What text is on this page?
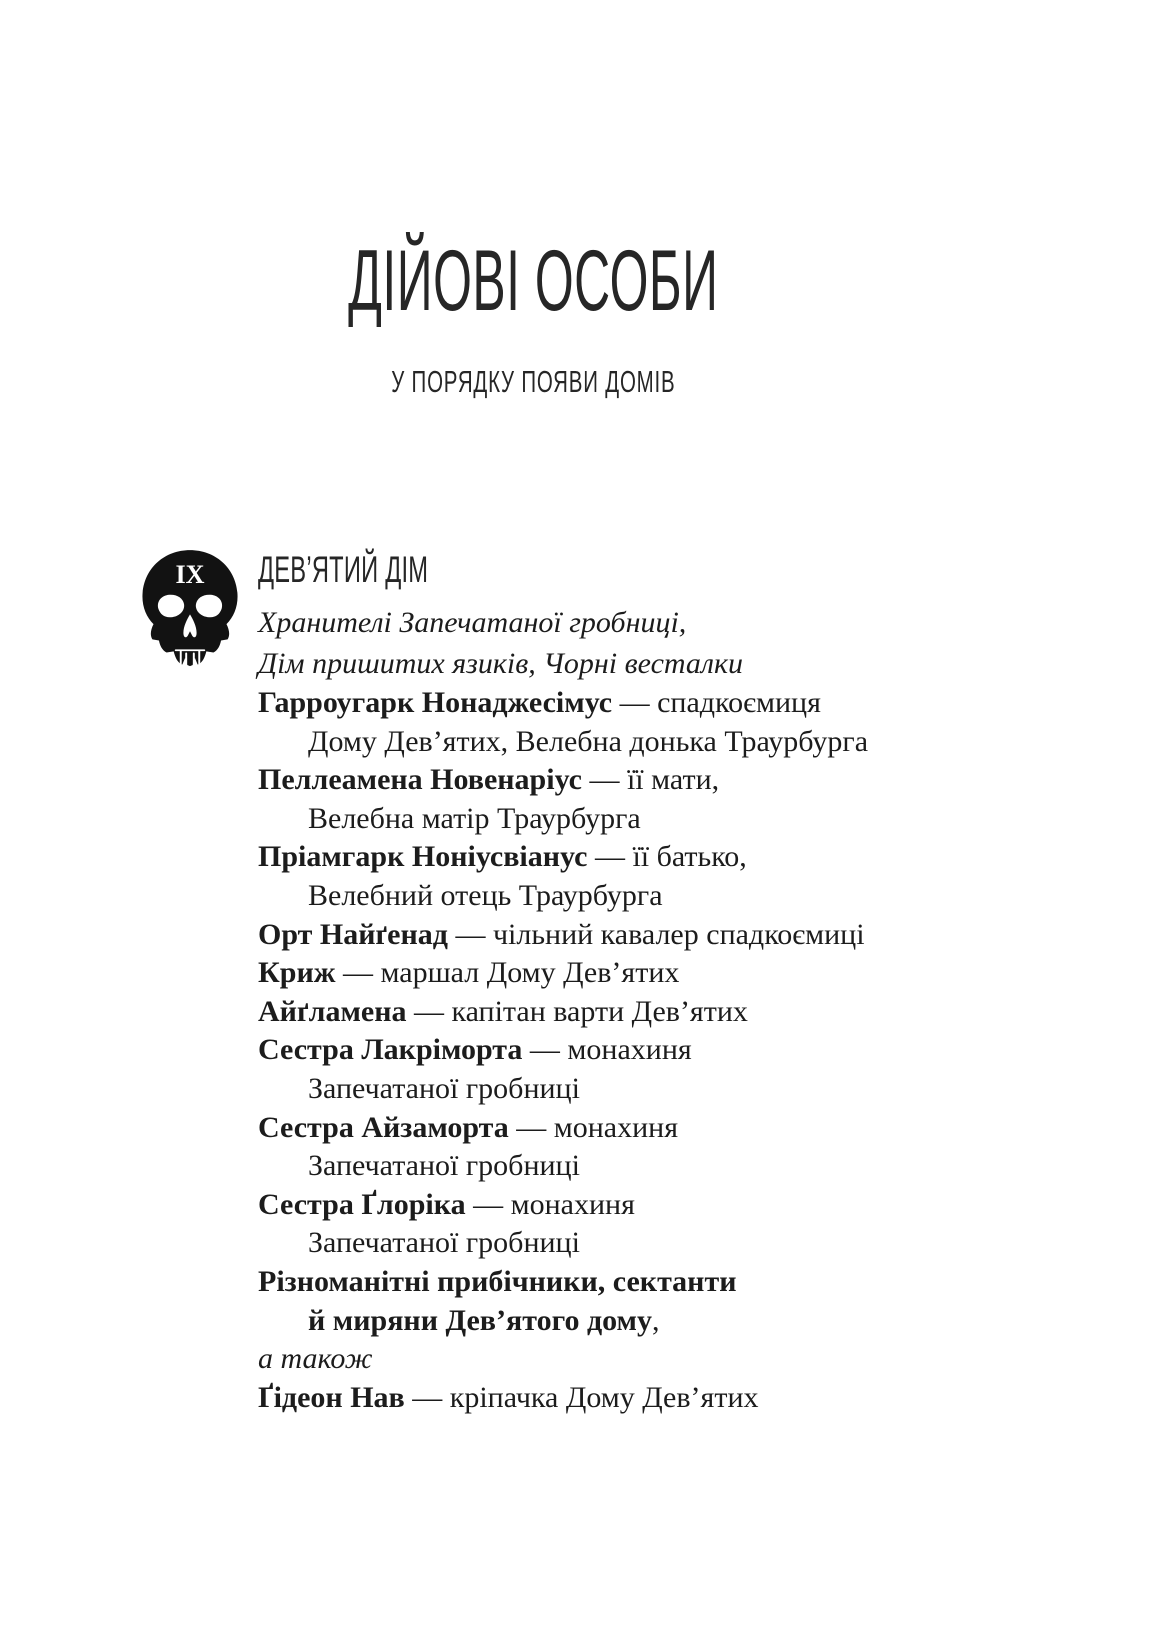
ДІЙОВІ ОСОБИ
У ПОРЯДКУ ПОЯВИ ДОМІВ
IX ДЕВ’ЯТИЙ ДІМ
Хранителі Запечатаної гробниці,
Дім пришитих язиків, Чорні весталки
Гарроугарк Нонаджесімус — спадкоємиця
Дому Дев’ятих, Велебна донька Траурбурга
Пеллеамена Новенаріус — її мати,
Велебна матір Траурбурга
Пріамгарк Ноніусвіанус — її батько,
Велебний отець Траурбурга
Орт Найґенад — чільний кавалер спадкоємиці
Криж — маршал Дому Дев’ятих
Айґламена — капітан варти Дев’ятих
Сестра Лакріморта — монахиня
Запечатаної гробниці
Сестра Айзаморта — монахиня
Запечатаної гробниці
Сестра Ґлоріка — монахиня
Запечатаної гробниці
Різноманітні прибічники, сектанти
й миряни Дев’ятого дому,
а також
Ґідеон Нав — кріпачка Дому Дев’ятих
